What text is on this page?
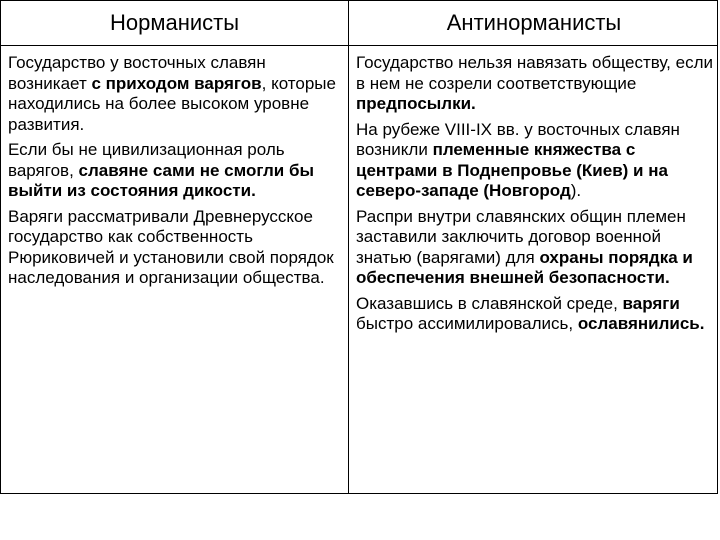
Норманисты	Антинорманисты

Государство у восточных славян возникает с приходом варягов, которые находились на более высоком уровне развития.

Если бы не цивилизационная роль варягов, славяне сами не смогли бы выйти из состояния дикости.

Варяги рассматривали Древнерусское государство как собственность Рюриковичей и установили свой порядок наследования и организации общества.

Государство нельзя навязать обществу, если в нем не созрели соответствующие предпосылки.

На рубеже VIII-IX вв. у восточных славян возникли племенные княжества с центрами в Поднепровье (Киев) и на северо-западе (Новгород).

Распри внутри славянских общин племен заставили заключить договор военной знатью (варягами) для охраны порядка и обеспечения внешней безопасности.

Оказавшись в славянской среде, варяги быстро ассимилировались, ославянились.
